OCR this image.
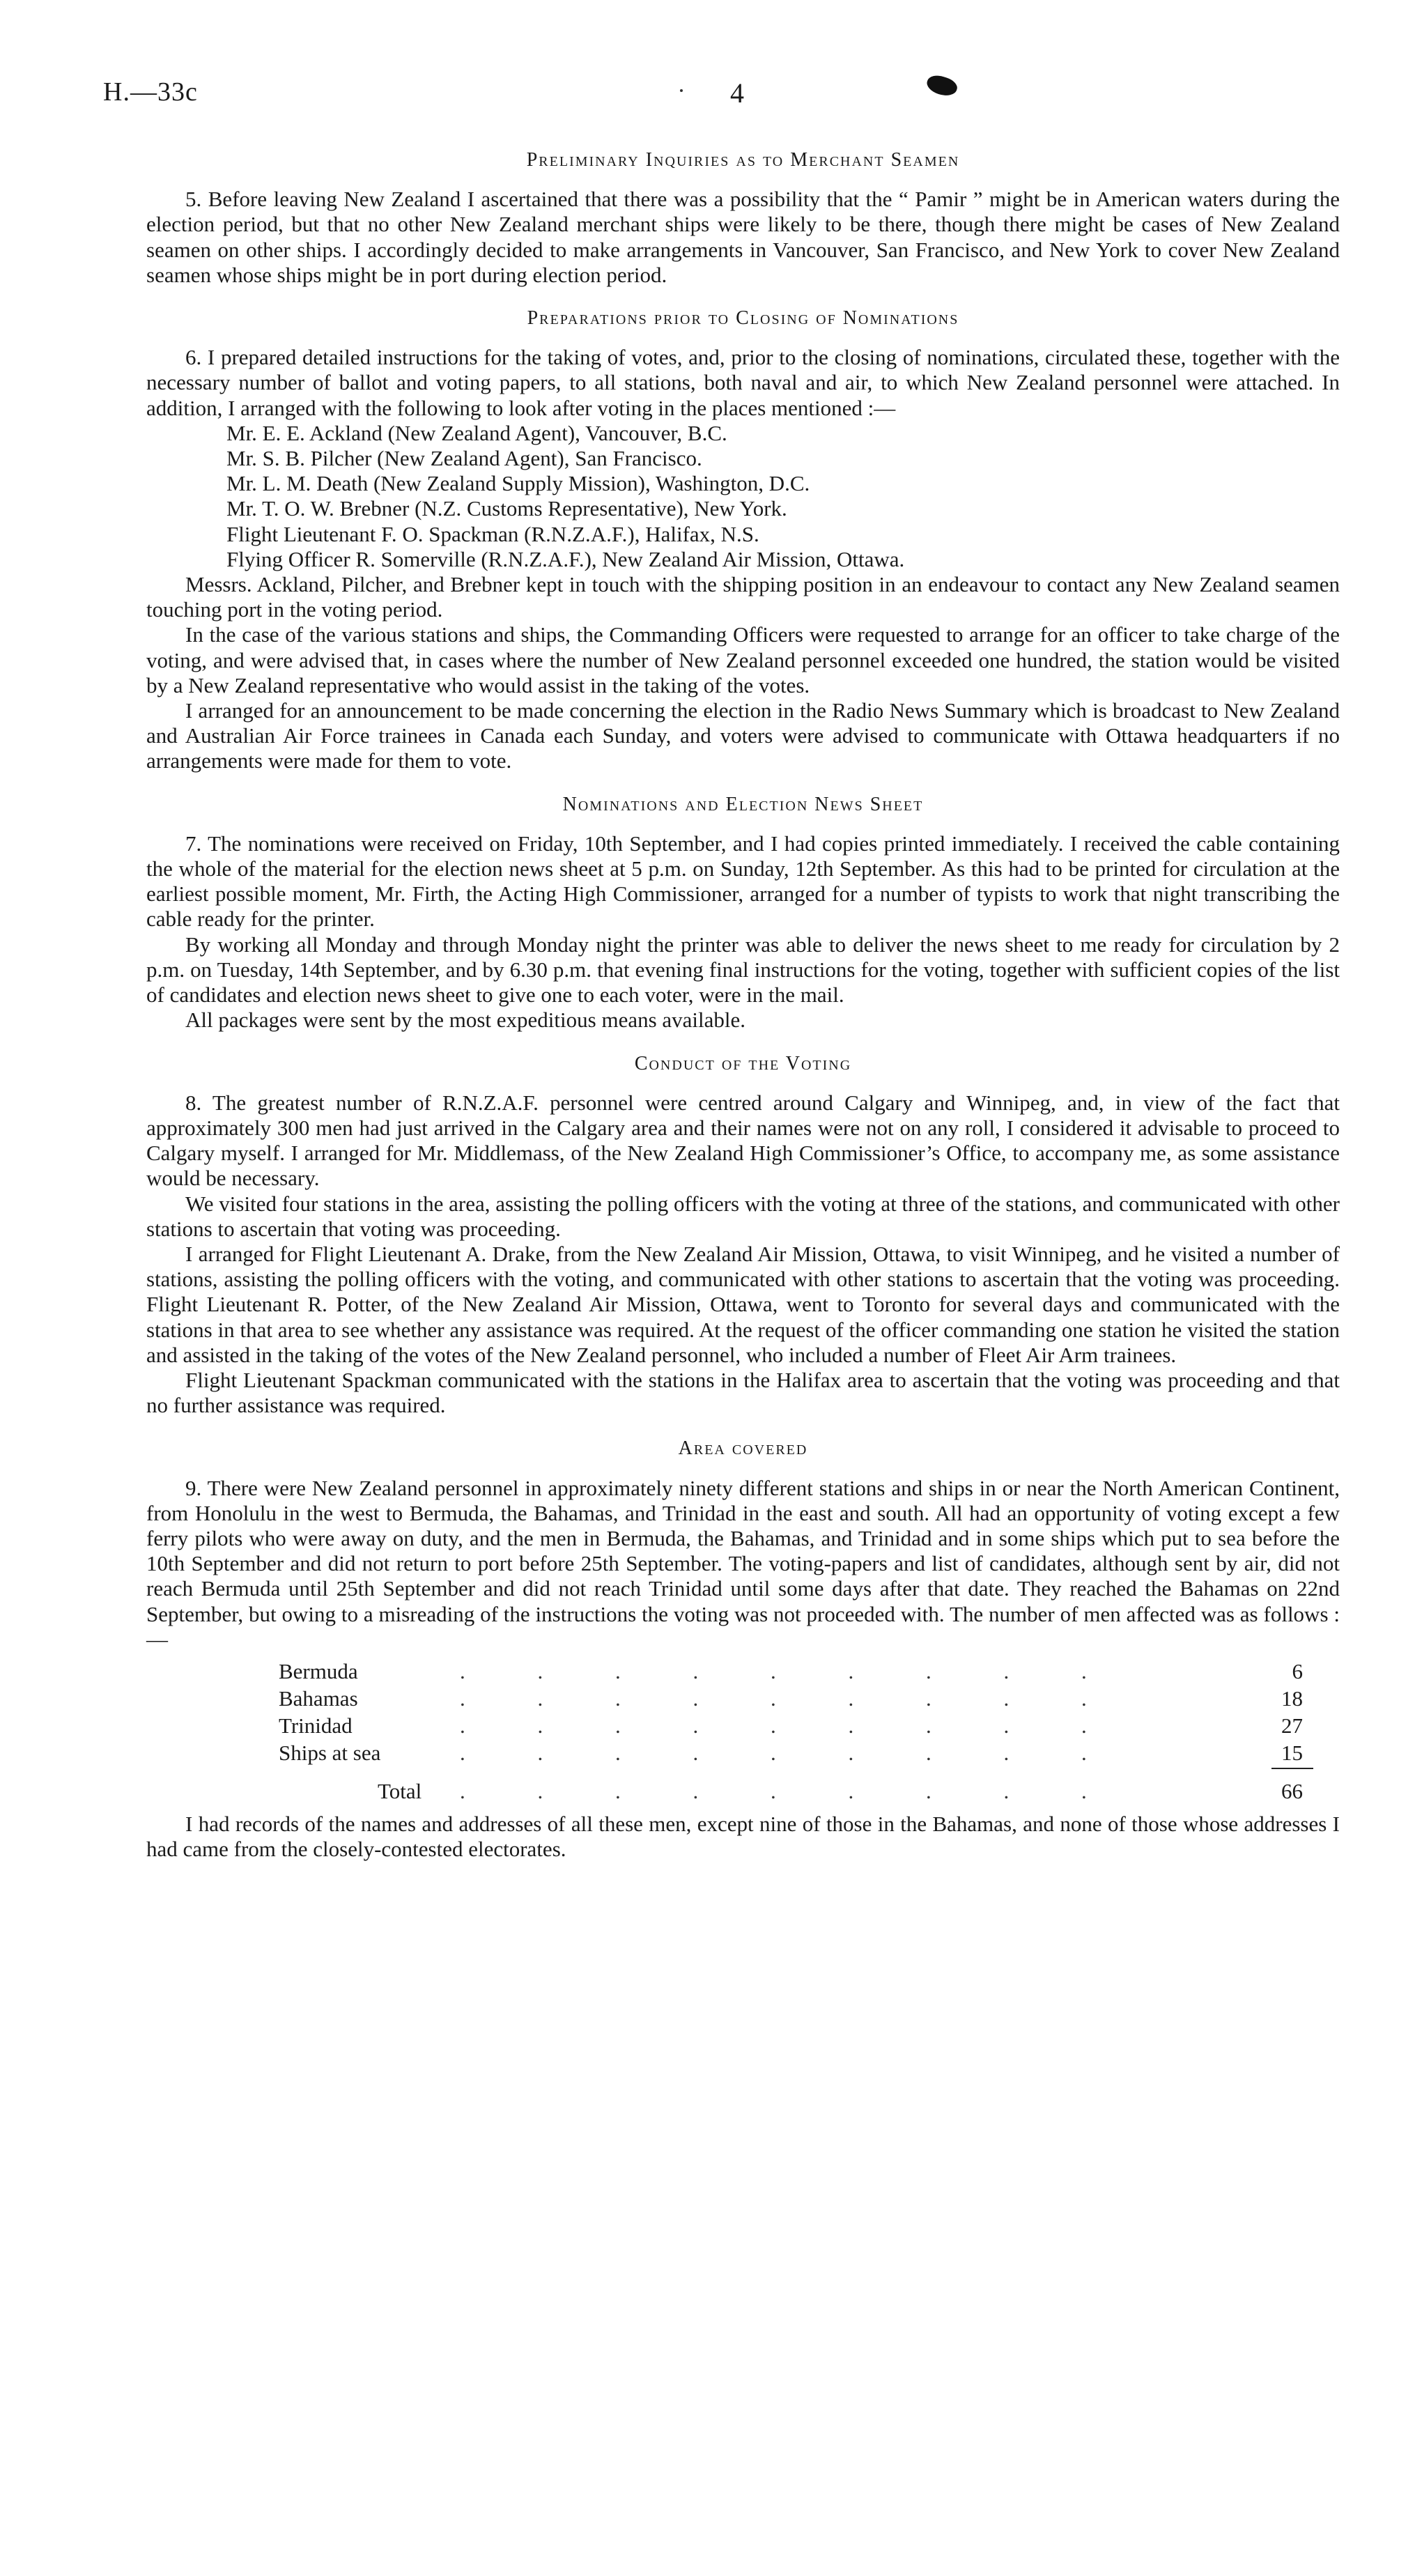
H.—33c	4
Preliminary Inquiries as to Merchant Seamen

5. Before leaving New Zealand I ascertained that there was a possibility that the “ Pamir ” might be in American waters during the election period, but that no other New Zealand merchant ships were likely to be there, though there might be cases of New Zealand seamen on other ships. I accordingly decided to make arrangements in Vancouver, San Francisco, and New York to cover New Zealand seamen whose ships might be in port during election period.

Preparations prior to Closing of Nominations

6. I prepared detailed instructions for the taking of votes, and, prior to the closing of nominations, circulated these, together with the necessary number of ballot and voting papers, to all stations, both naval and air, to which New Zealand personnel were attached. In addition, I arranged with the following to look after voting in the places mentioned :—

Mr. E. E. Ackland (New Zealand Agent), Vancouver, B.C.
Mr. S. B. Pilcher (New Zealand Agent), San Francisco.
Mr. L. M. Death (New Zealand Supply Mission), Washington, D.C.
Mr. T. O. W. Brebner (N.Z. Customs Representative), New York.
Flight Lieutenant F. O. Spackman (R.N.Z.A.F.), Halifax, N.S.
Flying Officer R. Somerville (R.N.Z.A.F.), New Zealand Air Mission, Ottawa.

Messrs. Ackland, Pilcher, and Brebner kept in touch with the shipping position in an endeavour to contact any New Zealand seamen touching port in the voting period.

In the case of the various stations and ships, the Commanding Officers were requested to arrange for an officer to take charge of the voting, and were advised that, in cases where the number of New Zealand personnel exceeded one hundred, the station would be visited by a New Zealand representative who would assist in the taking of the votes.

I arranged for an announcement to be made concerning the election in the Radio News Summary which is broadcast to New Zealand and Australian Air Force trainees in Canada each Sunday, and voters were advised to communicate with Ottawa headquarters if no arrangements were made for them to vote.

Nominations and Election News Sheet

7. The nominations were received on Friday, 10th September, and I had copies printed immediately. I received the cable containing the whole of the material for the election news sheet at 5 p.m. on Sunday, 12th September. As this had to be printed for circulation at the earliest possible moment, Mr. Firth, the Acting High Commissioner, arranged for a number of typists to work that night transcribing the cable ready for the printer.

By working all Monday and through Monday night the printer was able to deliver the news sheet to me ready for circulation by 2 p.m. on Tuesday, 14th September, and by 6.30 p.m. that evening final instructions for the voting, together with sufficient copies of the list of candidates and election news sheet to give one to each voter, were in the mail.

All packages were sent by the most expeditious means available.

Conduct of the Voting

8. The greatest number of R.N.Z.A.F. personnel were centred around Calgary and Winnipeg, and, in view of the fact that approximately 300 men had just arrived in the Calgary area and their names were not on any roll, I considered it advisable to proceed to Calgary myself. I arranged for Mr. Middlemass, of the New Zealand High Commissioner’s Office, to accompany me, as some assistance would be necessary.

We visited four stations in the area, assisting the polling officers with the voting at three of the stations, and communicated with other stations to ascertain that voting was proceeding.

I arranged for Flight Lieutenant A. Drake, from the New Zealand Air Mission, Ottawa, to visit Winnipeg, and he visited a number of stations, assisting the polling officers with the voting, and communicated with other stations to ascertain that the voting was proceeding. Flight Lieutenant R. Potter, of the New Zealand Air Mission, Ottawa, went to Toronto for several days and communicated with the stations in that area to see whether any assistance was required. At the request of the officer commanding one station he visited the station and assisted in the taking of the votes of the New Zealand personnel, who included a number of Fleet Air Arm trainees.

Flight Lieutenant Spackman communicated with the stations in the Halifax area to ascertain that the voting was proceeding and that no further assistance was required.

Area covered

9. There were New Zealand personnel in approximately ninety different stations and ships in or near the North American Continent, from Honolulu in the west to Bermuda, the Bahamas, and Trinidad in the east and south. All had an opportunity of voting except a few ferry pilots who were away on duty, and the men in Bermuda, the Bahamas, and Trinidad and in some ships which put to sea before the 10th September and did not return to port before 25th September. The voting-papers and list of candidates, although sent by air, did not reach Bermuda until 25th September and did not reach Trinidad until some days after that date. They reached the Bahamas on 22nd September, but owing to a misreading of the instructions the voting was not proceeded with. The number of men affected was as follows :—

Bermuda	. . . . . . . . .	6
Bahamas	. . . . . . . . .	18
Trinidad	. . . . . . . . .	27
Ships at sea	. . . . . . . . .	15
Total	. . . . . . . . .	66

I had records of the names and addresses of all these men, except nine of those in the Bahamas, and none of those whose addresses I had came from the closely-contested electorates.
